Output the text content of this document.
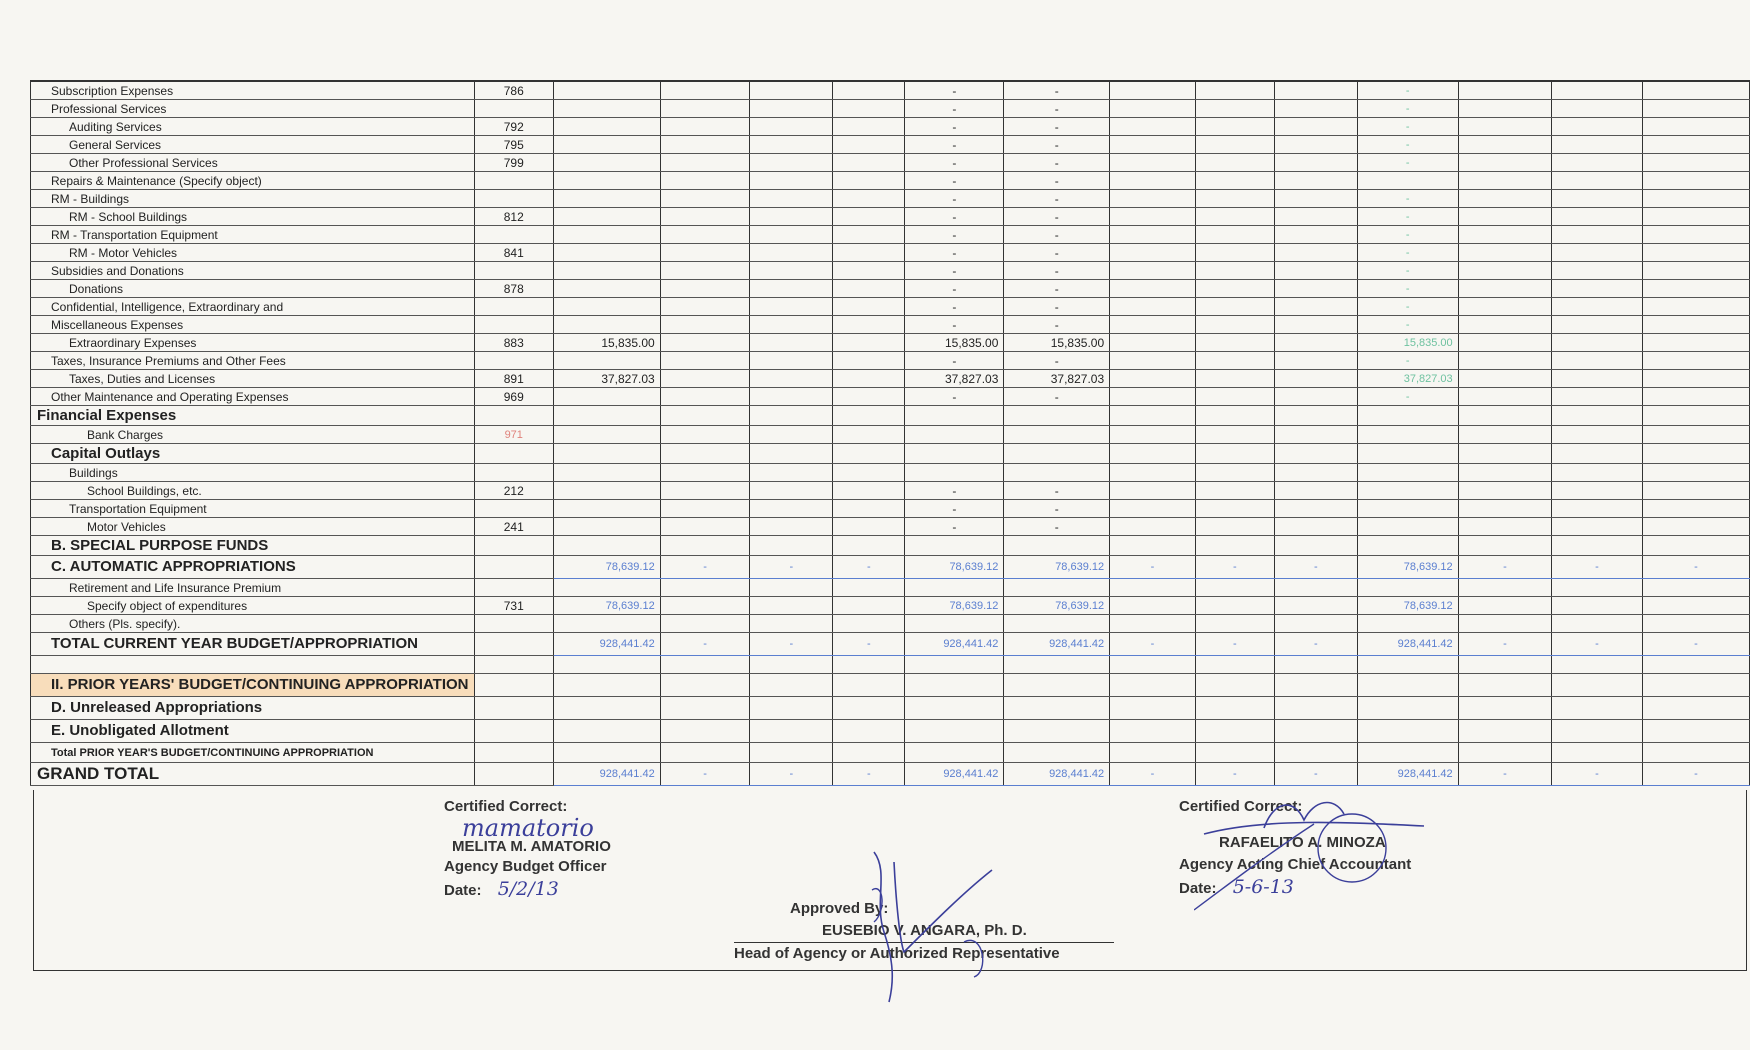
Subscription Expenses	786					-	-				-			
Professional Services						-	-				-			
Auditing Services	792					-	-				-			
General Services	795					-	-				-			
Other Professional Services	799					-	-				-			
Repairs & Maintenance (Specify object)						-	-							
RM - Buildings						-	-				-			
RM - School Buildings	812					-	-				-			
RM - Transportation Equipment						-	-				-			
RM - Motor Vehicles	841					-	-				-			
Subsidies and Donations						-	-				-			
Donations	878					-	-				-			
Confidential, Intelligence, Extraordinary and						-	-				-			
Miscellaneous Expenses						-	-				-			
Extraordinary Expenses	883	15,835.00				15,835.00	15,835.00				15,835.00			
Taxes, Insurance Premiums and Other Fees						-	-				-			
Taxes, Duties and Licenses	891	37,827.03				37,827.03	37,827.03				37,827.03			
Other Maintenance and Operating Expenses	969					-	-				-			
Financial Expenses														
Bank Charges	971													
Capital Outlays														
Buildings														
School Buildings, etc.	212					-	-							
Transportation Equipment						-	-							
Motor Vehicles	241					-	-							
B. SPECIAL PURPOSE FUNDS														
C. AUTOMATIC APPROPRIATIONS		78,639.12	-	-	-	78,639.12	78,639.12	-	-	-	78,639.12	-	-	-
Retirement and Life Insurance Premium														
Specify object of expenditures	731	78,639.12				78,639.12	78,639.12				78,639.12			
Others (Pls. specify).														
TOTAL CURRENT YEAR BUDGET/APPROPRIATION		928,441.42	-	-	-	928,441.42	928,441.42	-	-	-	928,441.42	-	-	-

II. PRIOR YEARS' BUDGET/CONTINUING APPROPRIATION														
D. Unreleased Appropriations														
E. Unobligated Allotment														
Total PRIOR YEAR'S BUDGET/CONTINUING APPROPRIATION														
GRAND TOTAL		928,441.42	-	-	-	928,441.42	928,441.42	-	-	-	928,441.42	-	-	-
Certified Correct:
mamatorio
MELITA M. AMATORIO
Agency Budget Officer
Date: 5/2/13
Approved By:
EUSEBIO V. ANGARA, Ph. D.
Head of Agency or Authorized Representative
Certified Correct:
RAFAELITO A. MINOZA
Agency Acting Chief Accountant
Date: 5-6-13
